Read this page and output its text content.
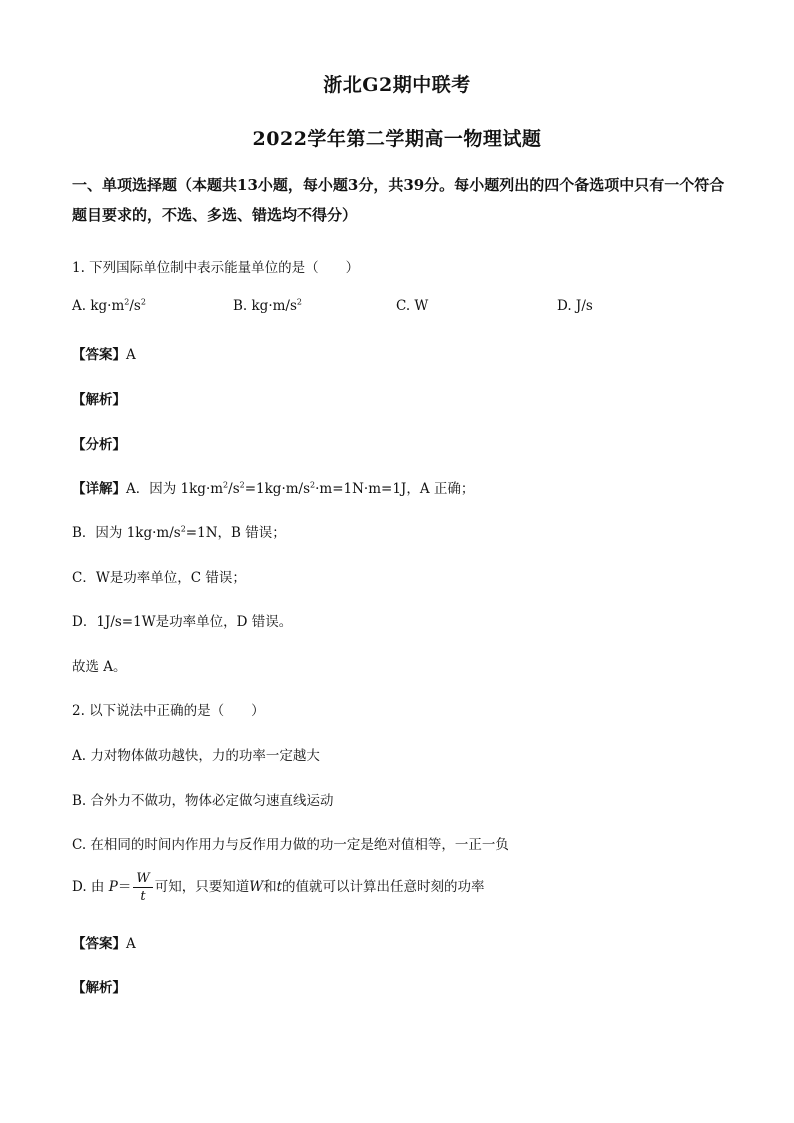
浙北G2期中联考
2022学年第二学期高一物理试题
一、单项选择题（本题共13小题，每小题3分，共39分。每小题列出的四个备选项中只有一个符合题目要求的，不选、多选、错选均不得分）
1. 下列国际单位制中表示能量单位的是（　　）
A. $kg\cdot m^2/s^2$	B. $kg\cdot m/s^2$	C. W	D. J/s
【答案】A
【解析】
【分析】
【详解】A．因为 $1kg\cdot m^2/s^2=1kg\cdot m/s^2\cdot m=1N\cdot m=1J$，A 正确；
B．因为 $1kg\cdot m/s^2=1N$，B 错误；
C．W是功率单位，C 错误；
D．1J/s=1W是功率单位，D 错误。
故选 A。
2. 以下说法中正确的是（　　）
A. 力对物体做功越快，力的功率一定越大
B. 合外力不做功，物体必定做匀速直线运动
C. 在相同的时间内作用力与反作用力做的功一定是绝对值相等，一正一负
D. 由 $P= \frac{W}{t}$ 可知，只要知道W和t的值就可以计算出任意时刻的功率
【答案】A
【解析】
